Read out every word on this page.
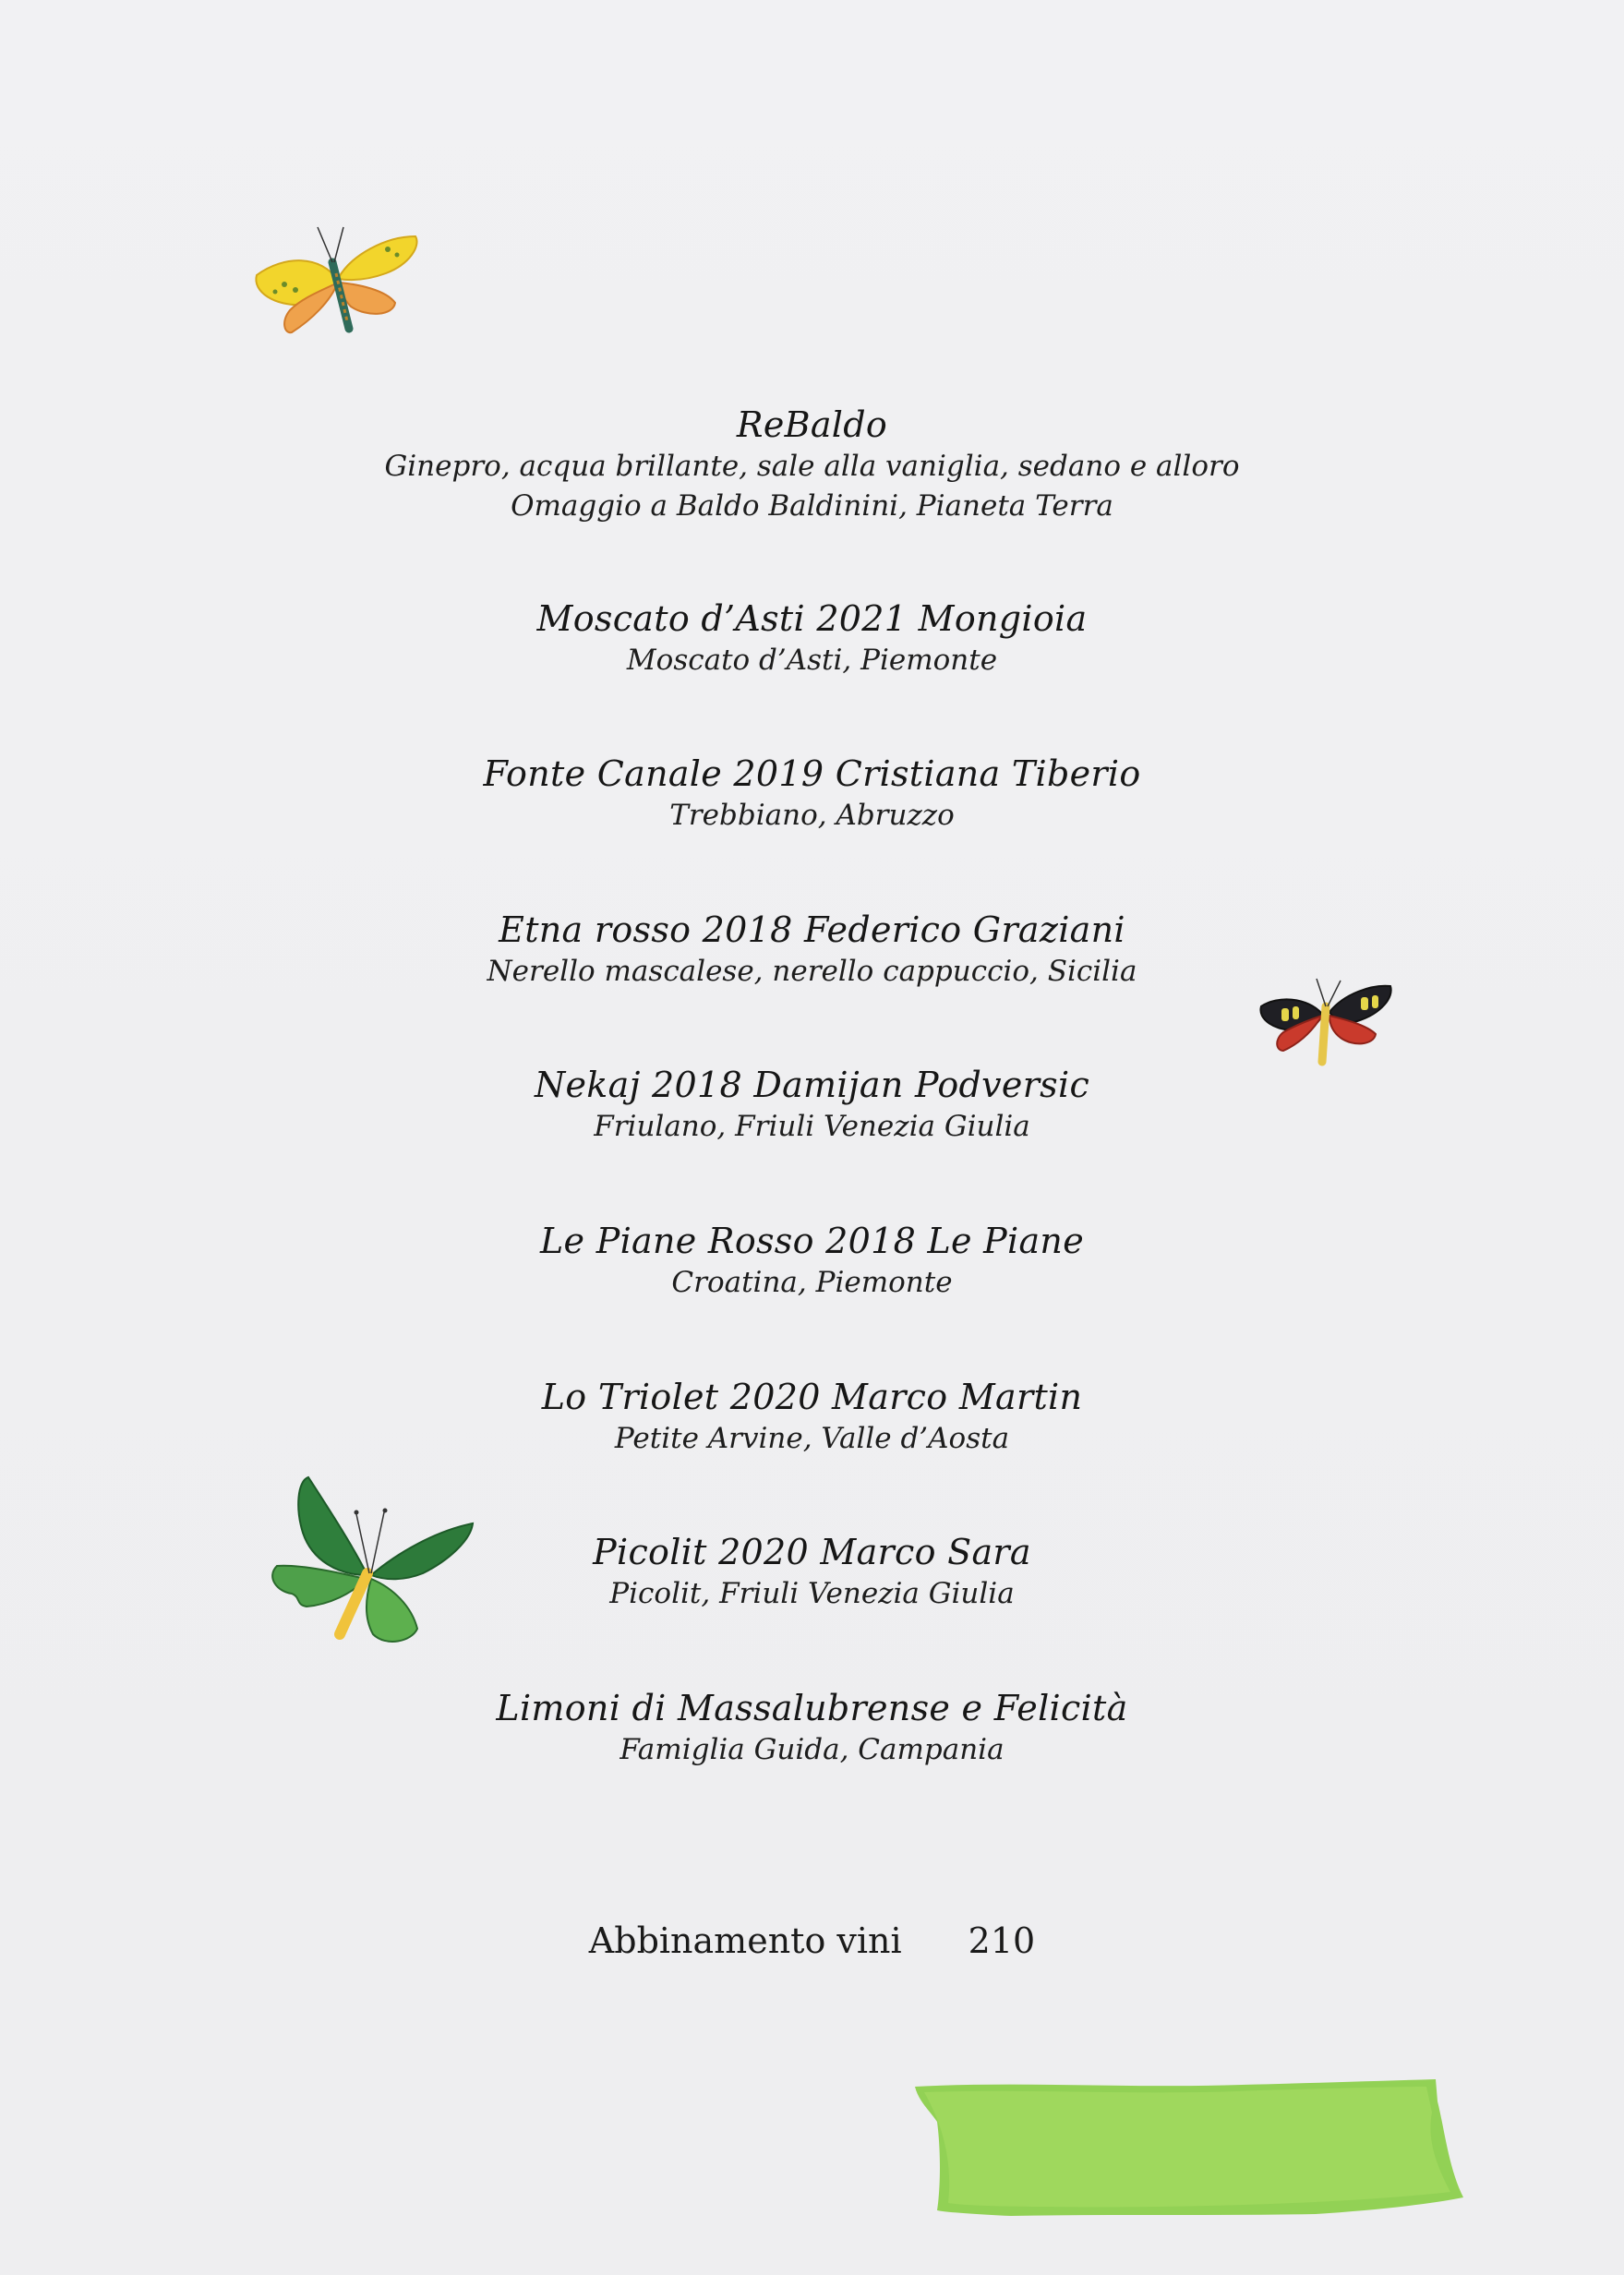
ReBaldo
Ginepro, acqua brillante, sale alla vaniglia, sedano e alloro
Omaggio a Baldo Baldinini, Pianeta Terra
Moscato d’Asti 2021 Mongioia
Moscato d’Asti, Piemonte
Fonte Canale 2019 Cristiana Tiberio
Trebbiano, Abruzzo
Etna rosso 2018 Federico Graziani
Nerello mascalese, nerello cappuccio, Sicilia
Nekaj 2018 Damijan Podversic
Friulano, Friuli Venezia Giulia
Le Piane Rosso 2018 Le Piane
Croatina, Piemonte
Lo Triolet 2020 Marco Martin
Petite Arvine, Valle d’Aosta
Picolit 2020 Marco Sara
Picolit, Friuli Venezia Giulia
Limoni di Massalubrense e Felicità
Famiglia Guida, Campania
Abbinamento vini 210
